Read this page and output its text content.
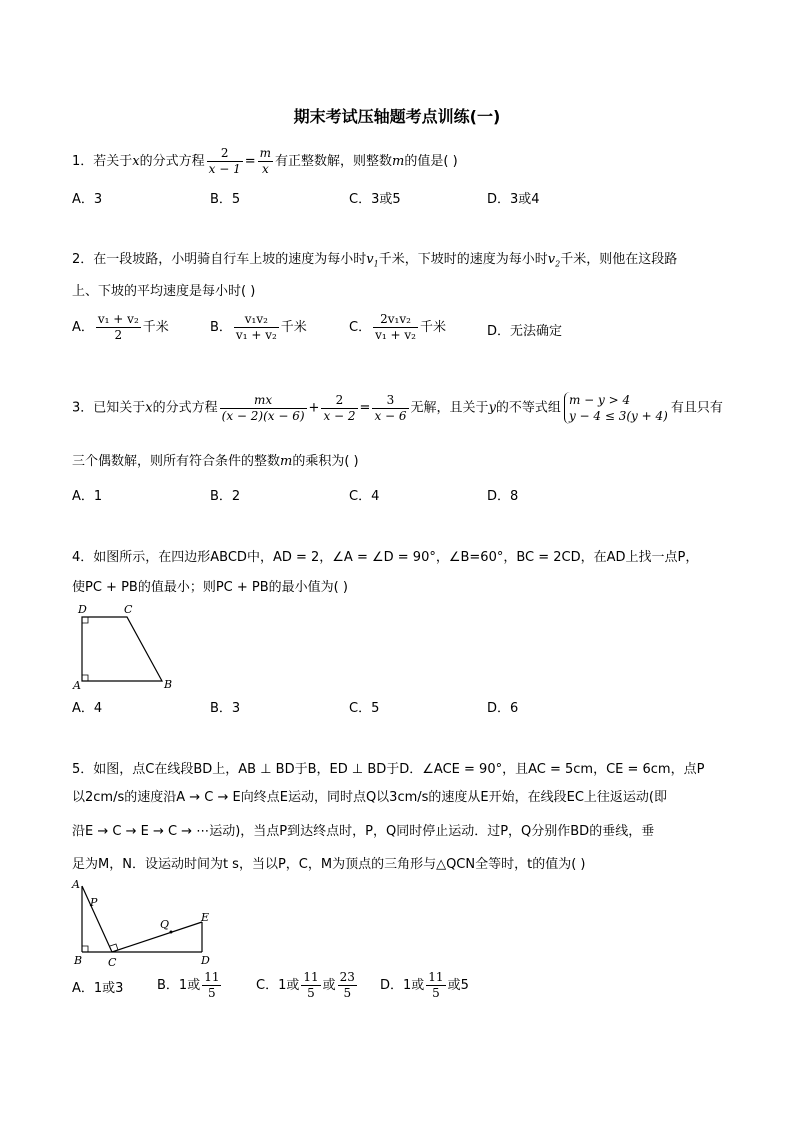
期末考试压轴题考点训练(一)
1．若关于x的分式方程 $\frac{2}{x - 1} = \frac{m}{x}$ 有正整数解，则整数m的值是( )
A．3	B．5	C．3或5	D．3或4
2．在一段坡路，小明骑自行车上坡的速度为每小时$v_1$千米，下坡时的速度为每小时$v_2$千米，则他在这段路
上、下坡的平均速度是每小时( )
A． $\frac{\text{v₁ + v₂}}{2}$ 千米	B． $\frac{\text{v₁v₂}}{\text{v₁ + v₂}}$ 千米	C． $\frac{\text{2v₁v₂}}{\text{v₁ + v₂}}$ 千米	D．无法确定
3．已知关于x的分式方程 $\frac{mx}{(x - 2)(x - 6)} + \frac{2}{x - 2} = \frac{3}{x - 6}$ 无解，且关于y的不等式组
m − y > 4
y − 4 ≤ 3(y + 4)
有且只有
三个偶数解，则所有符合条件的整数m的乘积为( )
A．1	B．2	C．4	D．8
4．如图所示，在四边形ABCD中，AD = 2，∠A = ∠D = 90°，∠B=60°，BC = 2CD，在AD上找一点P，
使PC + PB的值最小；则PC + PB的最小值为( )
D	C
A	B
A．4	B．3	C．5	D．6
5．如图，点C在线段BD上，AB ⊥ BD于B，ED ⊥ BD于D．∠ACE = 90°，且AC = 5cm，CE = 6cm，点P
以2cm/s的速度沿A → C → E向终点E运动，同时点Q以3cm/s的速度从E开始，在线段EC上往返运动(即
沿E → C → E → C → ⋯运动)，当点P到达终点时，P，Q同时停止运动．过P，Q分别作BD的垂线，垂
足为M，N．设运动时间为t s，当以P，C，M为顶点的三角形与△QCN全等时，t的值为( )
A
P
Q
E
B C	D
A．1或3	B．1或 $\frac{11}{5}$	C．1或 $\frac{11}{5}$ 或 $\frac{23}{5}$ D．1或 $\frac{11}{5}$ 或5
